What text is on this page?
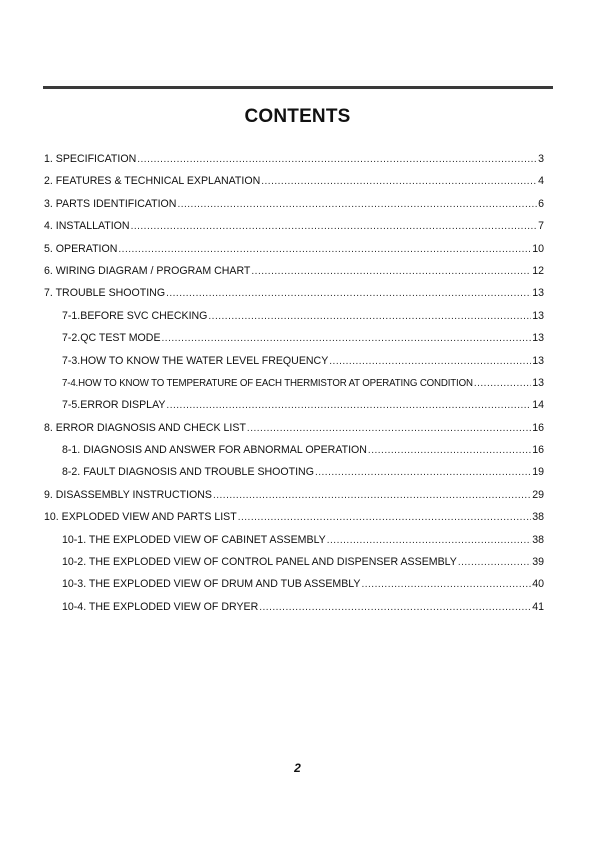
CONTENTS
1. SPECIFICATION .....	3
2. FEATURES & TECHNICAL EXPLANATION .....	4
3. PARTS IDENTIFICATION .....	6
4. INSTALLATION .....	7
5. OPERATION .....	10
6. WIRING DIAGRAM / PROGRAM CHART .....	12
7. TROUBLE SHOOTING .....	13
7-1.BEFORE SVC CHECKING .....	13
7-2.QC TEST MODE .....	13
7-3.HOW TO KNOW THE WATER LEVEL FREQUENCY .....	13
7-4.HOW TO KNOW TO TEMPERATURE OF EACH THERMISTOR AT OPERATING CONDITION .....	13
7-5.ERROR DISPLAY .....	14
8. ERROR DIAGNOSIS AND CHECK LIST .....	16
8-1. DIAGNOSIS AND ANSWER FOR ABNORMAL OPERATION .....	16
8-2. FAULT DIAGNOSIS AND TROUBLE SHOOTING .....	19
9. DISASSEMBLY INSTRUCTIONS .....	29
10. EXPLODED VIEW AND PARTS LIST .....	38
10-1. THE EXPLODED VIEW OF CABINET ASSEMBLY .....	38
10-2. THE EXPLODED VIEW OF CONTROL PANEL AND DISPENSER ASSEMBLY .....	39
10-3. THE EXPLODED VIEW OF DRUM AND TUB ASSEMBLY .....	40
10-4. THE EXPLODED VIEW OF DRYER .....	41
2
